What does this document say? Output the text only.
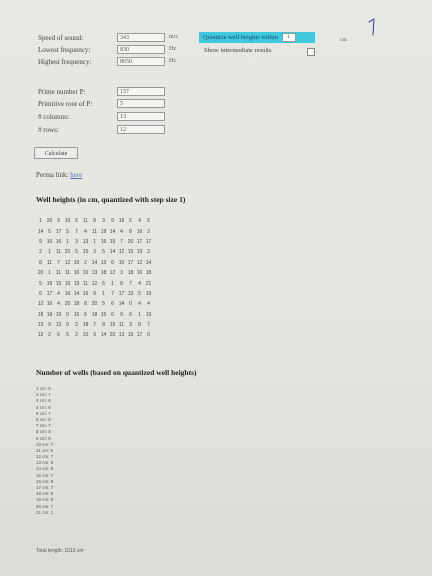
Speed of sound:	343	m/s
Lowest frequency:	830	Hz
Highest frequency:	8650	Hz
Quantize well heights within 1	cm
Show intermediate results
Prime number P:	157
Primitive root of P:	5
# columns:	13
# rows:	12
Calculate
Perma link: here
Well heights (in cm, quantized with step size 1)
1	20	9	10	5	11	8	3	9	18	5	4	5
14	5	17	5	7	4	11	19	14	4	8	16	2
9	10	16	1	3	13	1	15	15	7	20	17	17
2	1	11	20	5	15	3	5	14	12	15	19	2
8	11	7	12	19	2	14	13	6	10	17	12	14
20	1	11	11	16	10	13	18	12	3	18	16	18
5	19	15	16	19	11	12	6	1	8	7	4	21
6	17	4	16	14	16	9	1	7	17	13	5	19
12	10	4	20	18	8	20	5	6	14	0	4	4
18	19	10	0	16	6	18	15	6	9	6	1	19
13	9	13	9	2	18	7	8	15	11	3	8	7
12	2	6	5	2	10	9	14	20	13	15	17	0
Number of wells (based on quantized well heights)
1 cm: 8
2 cm: 7
3 cm: 8
4 cm: 8
5 cm: 7
6 cm: 8
7 cm: 7
8 cm: 8
9 cm: 8
10 cm: 7
11 cm: 8
12 cm: 7
13 cm: 8
14 cm: 8
15 cm: 7
16 cm: 8
17 cm: 7
18 cm: 8
19 cm: 8
20 cm: 7
21 cm: 1
Total length: 1613 cm
